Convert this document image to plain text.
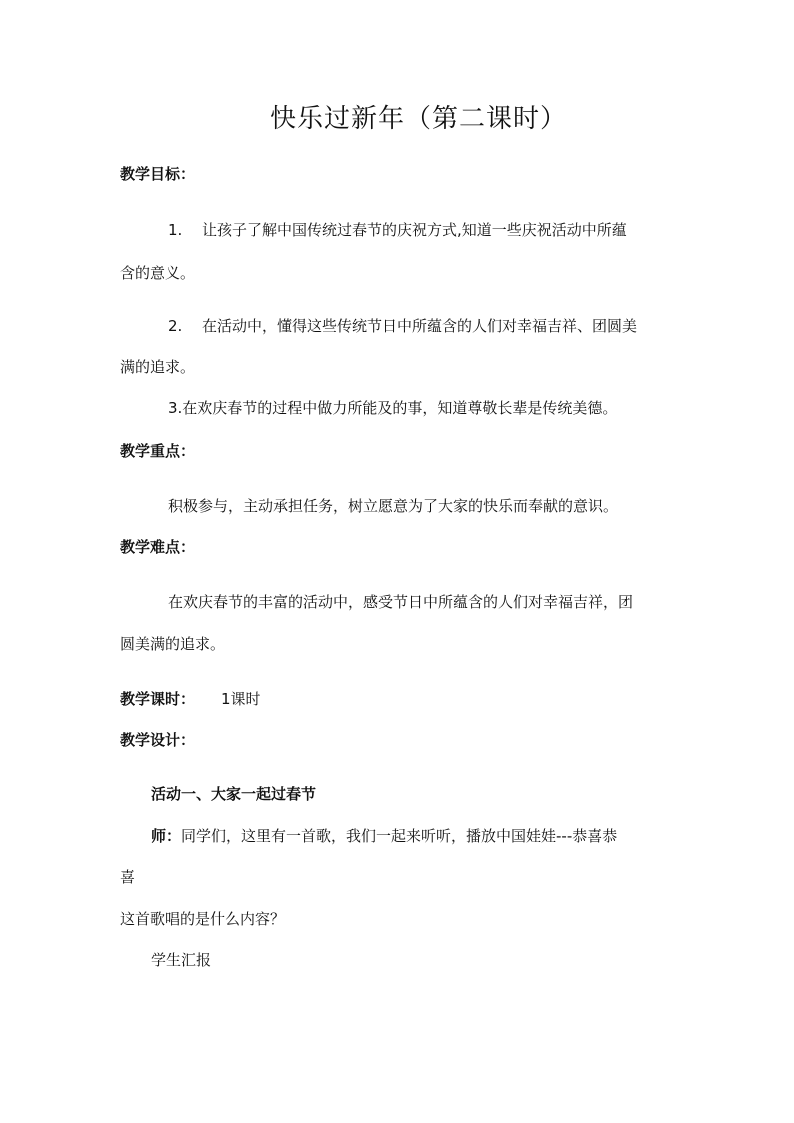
快乐过新年（第二课时）
教学目标：
1. 让孩子了解中国传统过春节的庆祝方式,知道一些庆祝活动中所蕴
含的意义。
2. 在活动中，懂得这些传统节日中所蕴含的人们对幸福吉祥、团圆美
满的追求。
3.在欢庆春节的过程中做力所能及的事，知道尊敬长辈是传统美德。
教学重点：
积极参与，主动承担任务，树立愿意为了大家的快乐而奉献的意识。
教学难点：
在欢庆春节的丰富的活动中，感受节日中所蕴含的人们对幸福吉祥，团
圆美满的追求。
教学课时： 1课时
教学设计：
活动一、大家一起过春节
师：同学们，这里有一首歌，我们一起来听听，播放中国娃娃---恭喜恭
喜
这首歌唱的是什么内容？
学生汇报
